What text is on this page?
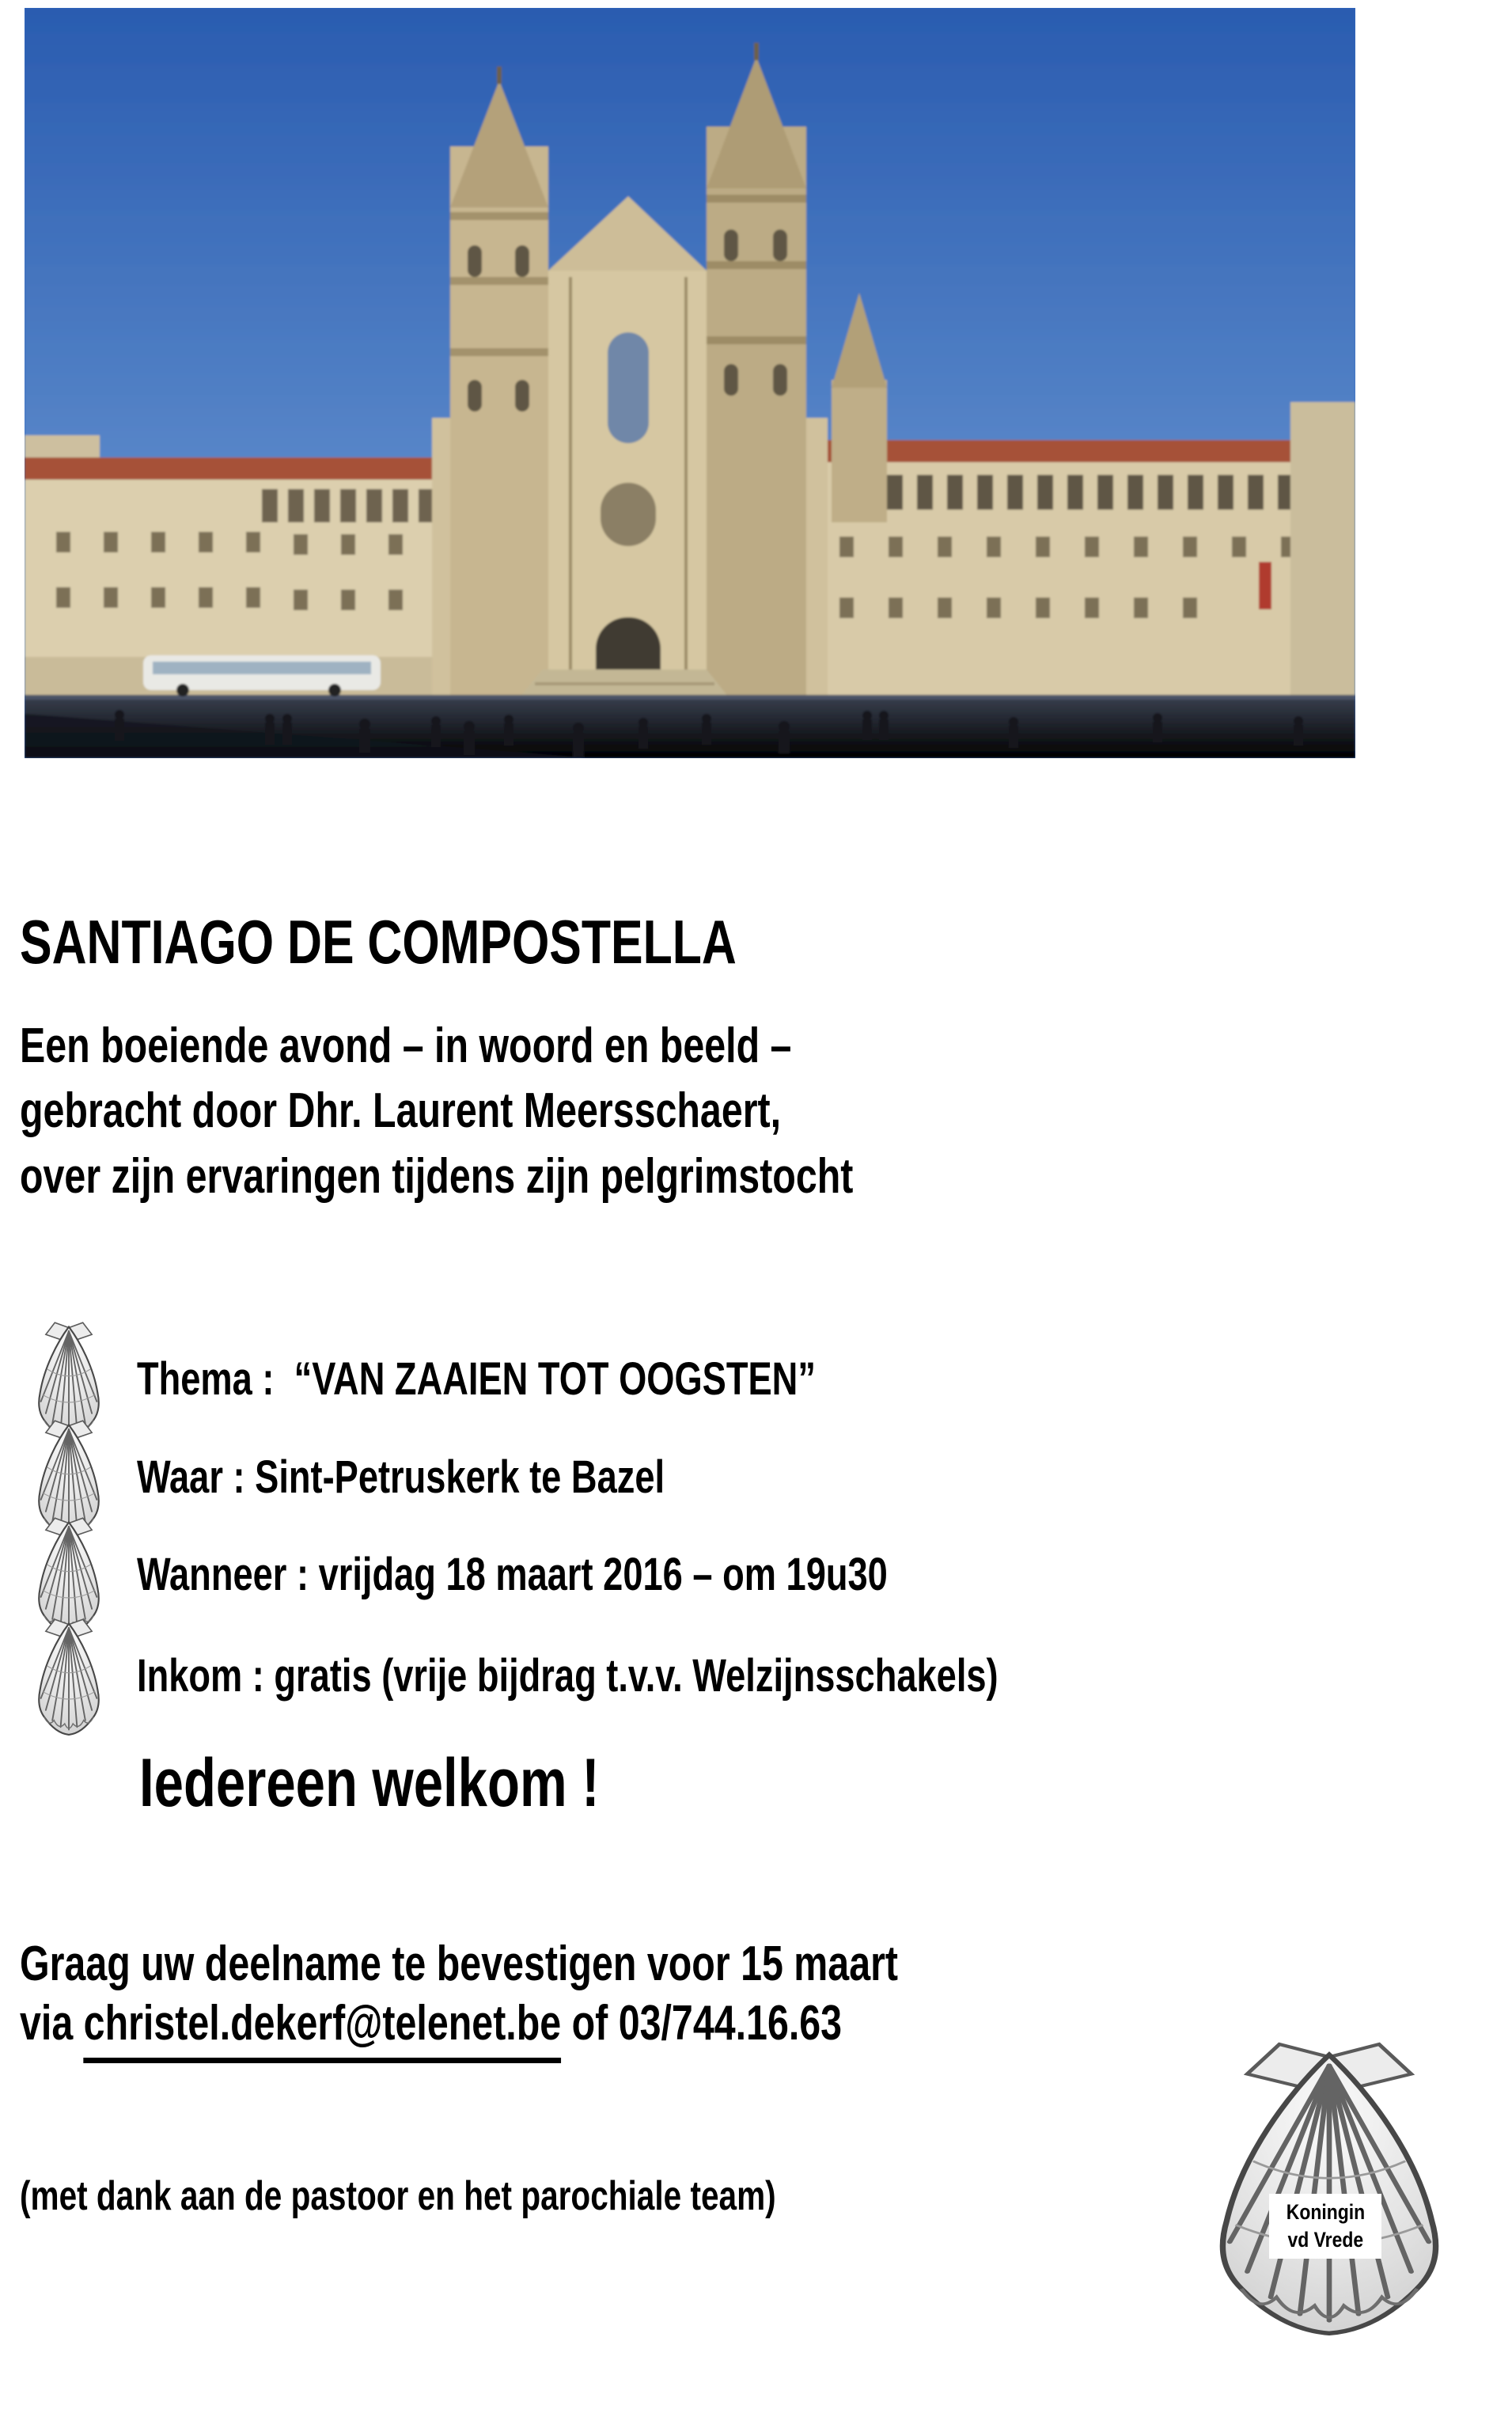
SANTIAGO DE COMPOSTELLA
Een boeiende avond – in woord en beeld –
gebracht door Dhr. Laurent Meersschaert,
over zijn ervaringen tijdens zijn pelgrimstocht
Thema :  “VAN ZAAIEN TOT OOGSTEN”
Waar : Sint-Petruskerk te Bazel
Wanneer : vrijdag 18 maart 2016 – om 19u30
Inkom : gratis (vrije bijdrag t.v.v. Welzijnsschakels)
Iedereen welkom !
Graag uw deelname te bevestigen voor 15 maart
via christel.dekerf@telenet.be of 03/744.16.63
(met dank aan de pastoor en het parochiale team)	Koningin
vd Vrede
